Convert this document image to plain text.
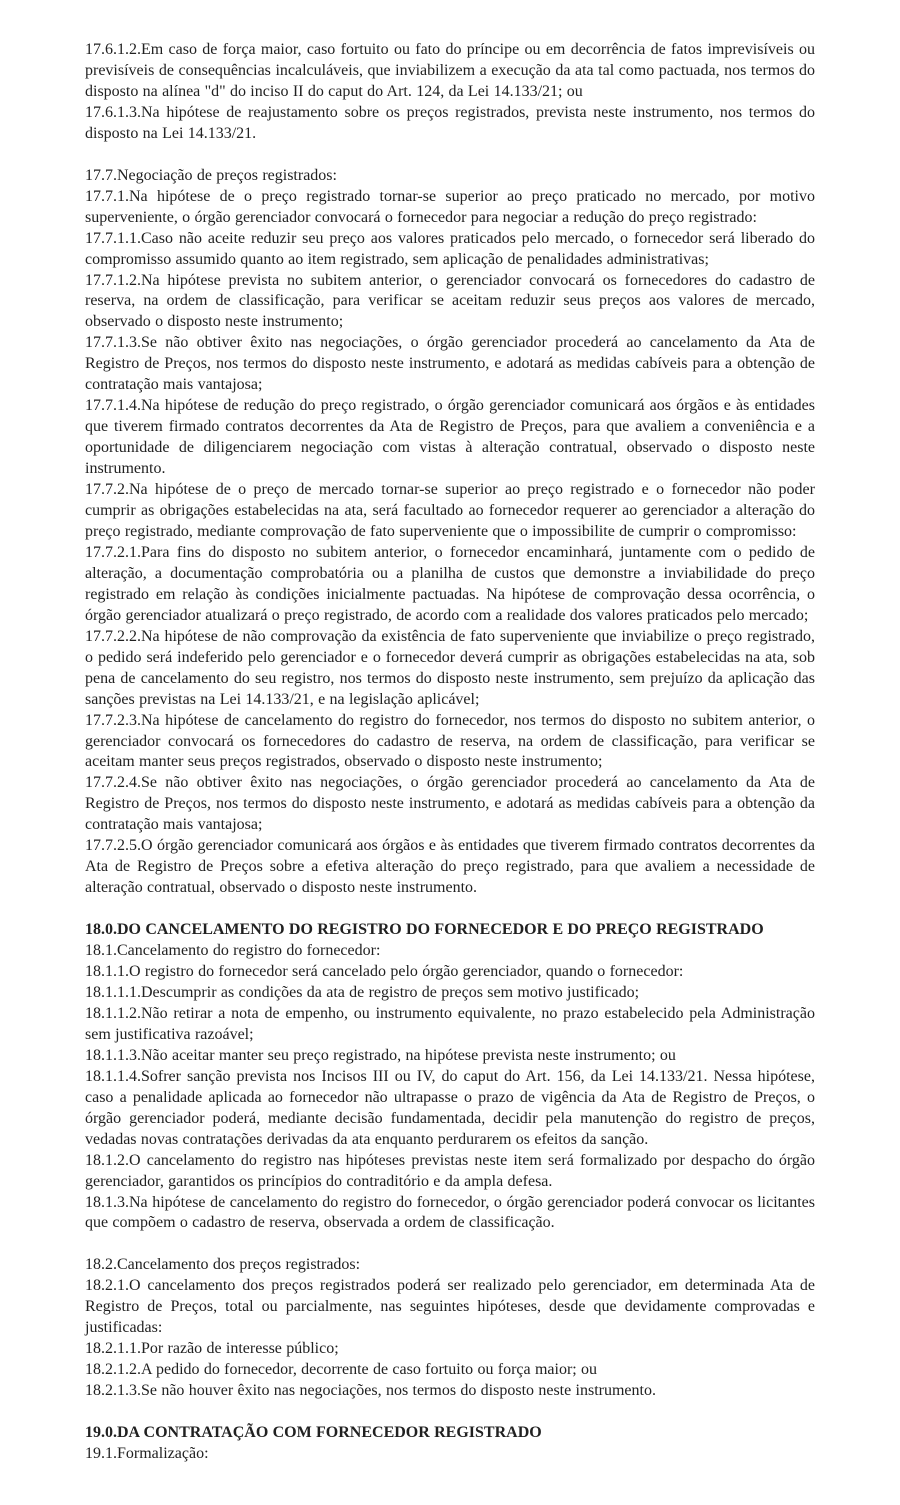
17.6.1.2.Em caso de força maior, caso fortuito ou fato do príncipe ou em decorrência de fatos imprevisíveis ou previsíveis de consequências incalculáveis, que inviabilizem a execução da ata tal como pactuada, nos termos do disposto na alínea "d" do inciso II do caput do Art. 124, da Lei 14.133/21; ou

17.6.1.3.Na hipótese de reajustamento sobre os preços registrados, prevista neste instrumento, nos termos do disposto na Lei 14.133/21.

17.7.Negociação de preços registrados:

17.7.1.Na hipótese de o preço registrado tornar-se superior ao preço praticado no mercado, por motivo superveniente, o órgão gerenciador convocará o fornecedor para negociar a redução do preço registrado:

17.7.1.1.Caso não aceite reduzir seu preço aos valores praticados pelo mercado, o fornecedor será liberado do compromisso assumido quanto ao item registrado, sem aplicação de penalidades administrativas;

17.7.1.2.Na hipótese prevista no subitem anterior, o gerenciador convocará os fornecedores do cadastro de reserva, na ordem de classificação, para verificar se aceitam reduzir seus preços aos valores de mercado, observado o disposto neste instrumento;

17.7.1.3.Se não obtiver êxito nas negociações, o órgão gerenciador procederá ao cancelamento da Ata de Registro de Preços, nos termos do disposto neste instrumento, e adotará as medidas cabíveis para a obtenção de contratação mais vantajosa;

17.7.1.4.Na hipótese de redução do preço registrado, o órgão gerenciador comunicará aos órgãos e às entidades que tiverem firmado contratos decorrentes da Ata de Registro de Preços, para que avaliem a conveniência e a oportunidade de diligenciarem negociação com vistas à alteração contratual, observado o disposto neste instrumento.

17.7.2.Na hipótese de o preço de mercado tornar-se superior ao preço registrado e o fornecedor não poder cumprir as obrigações estabelecidas na ata, será facultado ao fornecedor requerer ao gerenciador a alteração do preço registrado, mediante comprovação de fato superveniente que o impossibilite de cumprir o compromisso:

17.7.2.1.Para fins do disposto no subitem anterior, o fornecedor encaminhará, juntamente com o pedido de alteração, a documentação comprobatória ou a planilha de custos que demonstre a inviabilidade do preço registrado em relação às condições inicialmente pactuadas. Na hipótese de comprovação dessa ocorrência, o órgão gerenciador atualizará o preço registrado, de acordo com a realidade dos valores praticados pelo mercado;

17.7.2.2.Na hipótese de não comprovação da existência de fato superveniente que inviabilize o preço registrado, o pedido será indeferido pelo gerenciador e o fornecedor deverá cumprir as obrigações estabelecidas na ata, sob pena de cancelamento do seu registro, nos termos do disposto neste instrumento, sem prejuízo da aplicação das sanções previstas na Lei 14.133/21, e na legislação aplicável;

17.7.2.3.Na hipótese de cancelamento do registro do fornecedor, nos termos do disposto no subitem anterior, o gerenciador convocará os fornecedores do cadastro de reserva, na ordem de classificação, para verificar se aceitam manter seus preços registrados, observado o disposto neste instrumento;

17.7.2.4.Se não obtiver êxito nas negociações, o órgão gerenciador procederá ao cancelamento da Ata de Registro de Preços, nos termos do disposto neste instrumento, e adotará as medidas cabíveis para a obtenção da contratação mais vantajosa;

17.7.2.5.O órgão gerenciador comunicará aos órgãos e às entidades que tiverem firmado contratos decorrentes da Ata de Registro de Preços sobre a efetiva alteração do preço registrado, para que avaliem a necessidade de alteração contratual, observado o disposto neste instrumento.

18.0.DO CANCELAMENTO DO REGISTRO DO FORNECEDOR E DO PREÇO REGISTRADO

18.1.Cancelamento do registro do fornecedor:

18.1.1.O registro do fornecedor será cancelado pelo órgão gerenciador, quando o fornecedor:

18.1.1.1.Descumprir as condições da ata de registro de preços sem motivo justificado;

18.1.1.2.Não retirar a nota de empenho, ou instrumento equivalente, no prazo estabelecido pela Administração sem justificativa razoável;

18.1.1.3.Não aceitar manter seu preço registrado, na hipótese prevista neste instrumento; ou

18.1.1.4.Sofrer sanção prevista nos Incisos III ou IV, do caput do Art. 156, da Lei 14.133/21. Nessa hipótese, caso a penalidade aplicada ao fornecedor não ultrapasse o prazo de vigência da Ata de Registro de Preços, o órgão gerenciador poderá, mediante decisão fundamentada, decidir pela manutenção do registro de preços, vedadas novas contratações derivadas da ata enquanto perdurarem os efeitos da sanção.

18.1.2.O cancelamento do registro nas hipóteses previstas neste item será formalizado por despacho do órgão gerenciador, garantidos os princípios do contraditório e da ampla defesa.

18.1.3.Na hipótese de cancelamento do registro do fornecedor, o órgão gerenciador poderá convocar os licitantes que compõem o cadastro de reserva, observada a ordem de classificação.

18.2.Cancelamento dos preços registrados:

18.2.1.O cancelamento dos preços registrados poderá ser realizado pelo gerenciador, em determinada Ata de Registro de Preços, total ou parcialmente, nas seguintes hipóteses, desde que devidamente comprovadas e justificadas:

18.2.1.1.Por razão de interesse público;

18.2.1.2.A pedido do fornecedor, decorrente de caso fortuito ou força maior; ou

18.2.1.3.Se não houver êxito nas negociações, nos termos do disposto neste instrumento.

19.0.DA CONTRATAÇÃO COM FORNECEDOR REGISTRADO

19.1.Formalização:
